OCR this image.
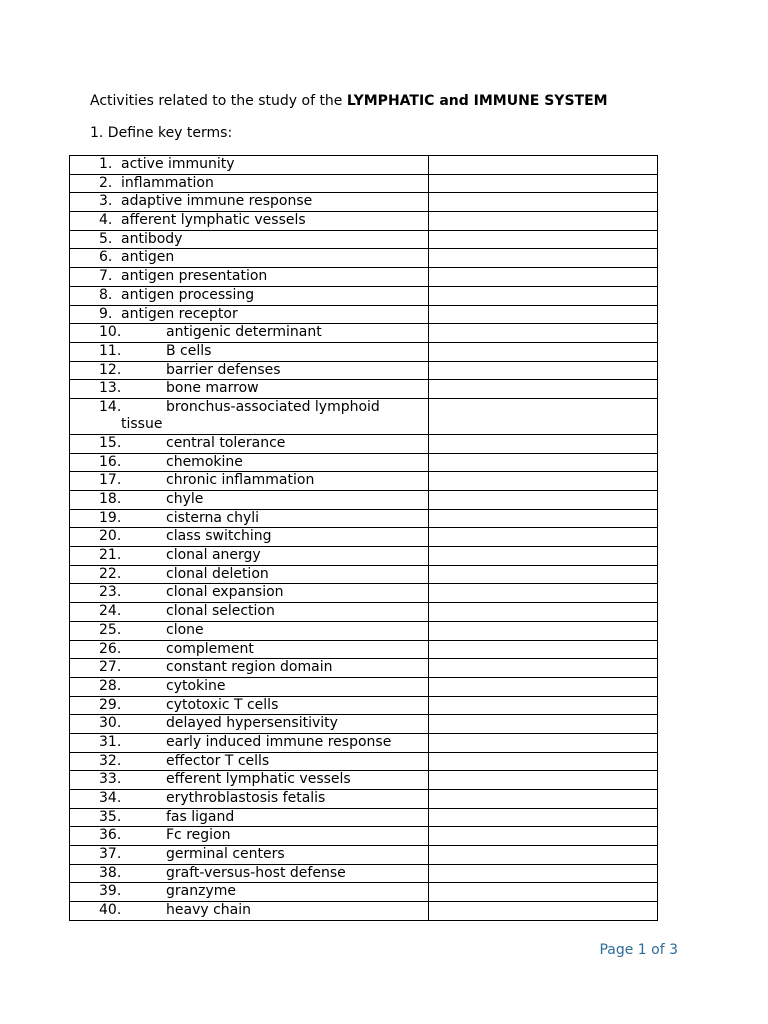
Activities related to the study of the LYMPHATIC and IMMUNE SYSTEM
1. Define key terms:
1. active immunity	

2. inflammation	

3. adaptive immune response	

4. afferent lymphatic vessels	

5. antibody	

6. antigen	

7. antigen presentation	

8. antigen processing	

9. antigen receptor	

10. antigenic determinant	

11. B cells	

12. barrier defenses	

13. bone marrow	

14. bronchus-associated lymphoid
tissue	

15. central tolerance	

16. chemokine	

17. chronic inflammation	

18. chyle	

19. cisterna chyli	

20. class switching	

21. clonal anergy	

22. clonal deletion	

23. clonal expansion	

24. clonal selection	

25. clone	

26. complement	

27. constant region domain	

28. cytokine	

29. cytotoxic T cells	

30. delayed hypersensitivity	

31. early induced immune response	

32. effector T cells	

33. efferent lymphatic vessels	

34. erythroblastosis fetalis	

35. fas ligand	

36. Fc region	

37. germinal centers	

38. graft-versus-host defense	

39. granzyme	

40. heavy chain	

Page 1 of 3
